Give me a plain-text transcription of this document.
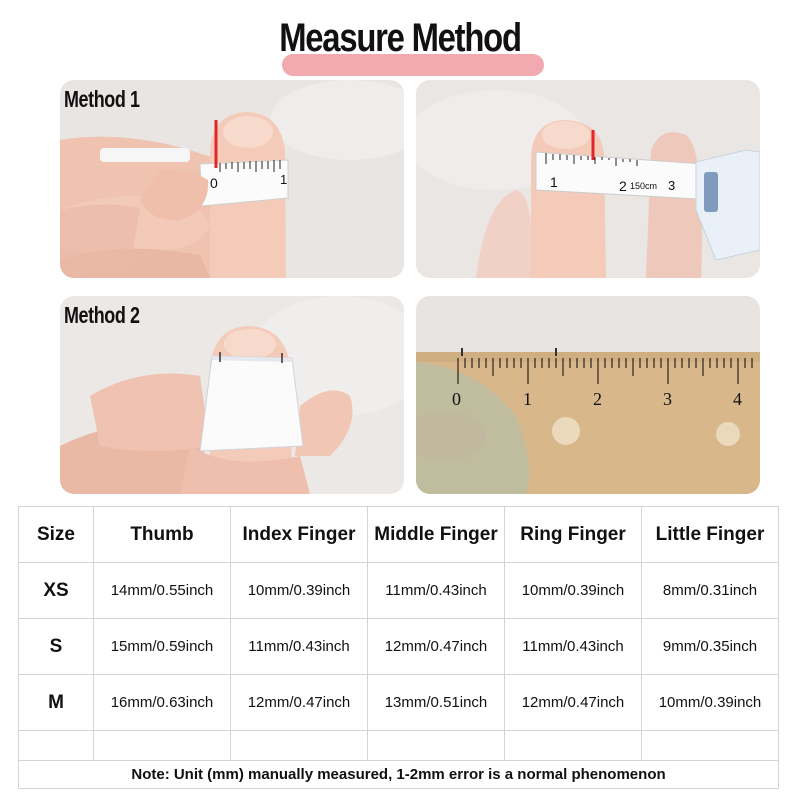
Measure Method
Method 1
0	1	1	2	3
150cm
Method 2
0	1	2	3	4
Size	Thumb	Index Finger	Middle Finger	Ring Finger	Little Finger
XS	14mm/0.55inch	10mm/0.39inch	11mm/0.43inch	10mm/0.39inch	8mm/0.31inch
S	15mm/0.59inch	11mm/0.43inch	12mm/0.47inch	11mm/0.43inch	9mm/0.35inch
M	16mm/0.63inch	12mm/0.47inch	13mm/0.51inch	12mm/0.47inch	10mm/0.39inch

Note: Unit (mm) manually measured, 1-2mm error is a normal phenomenon					
